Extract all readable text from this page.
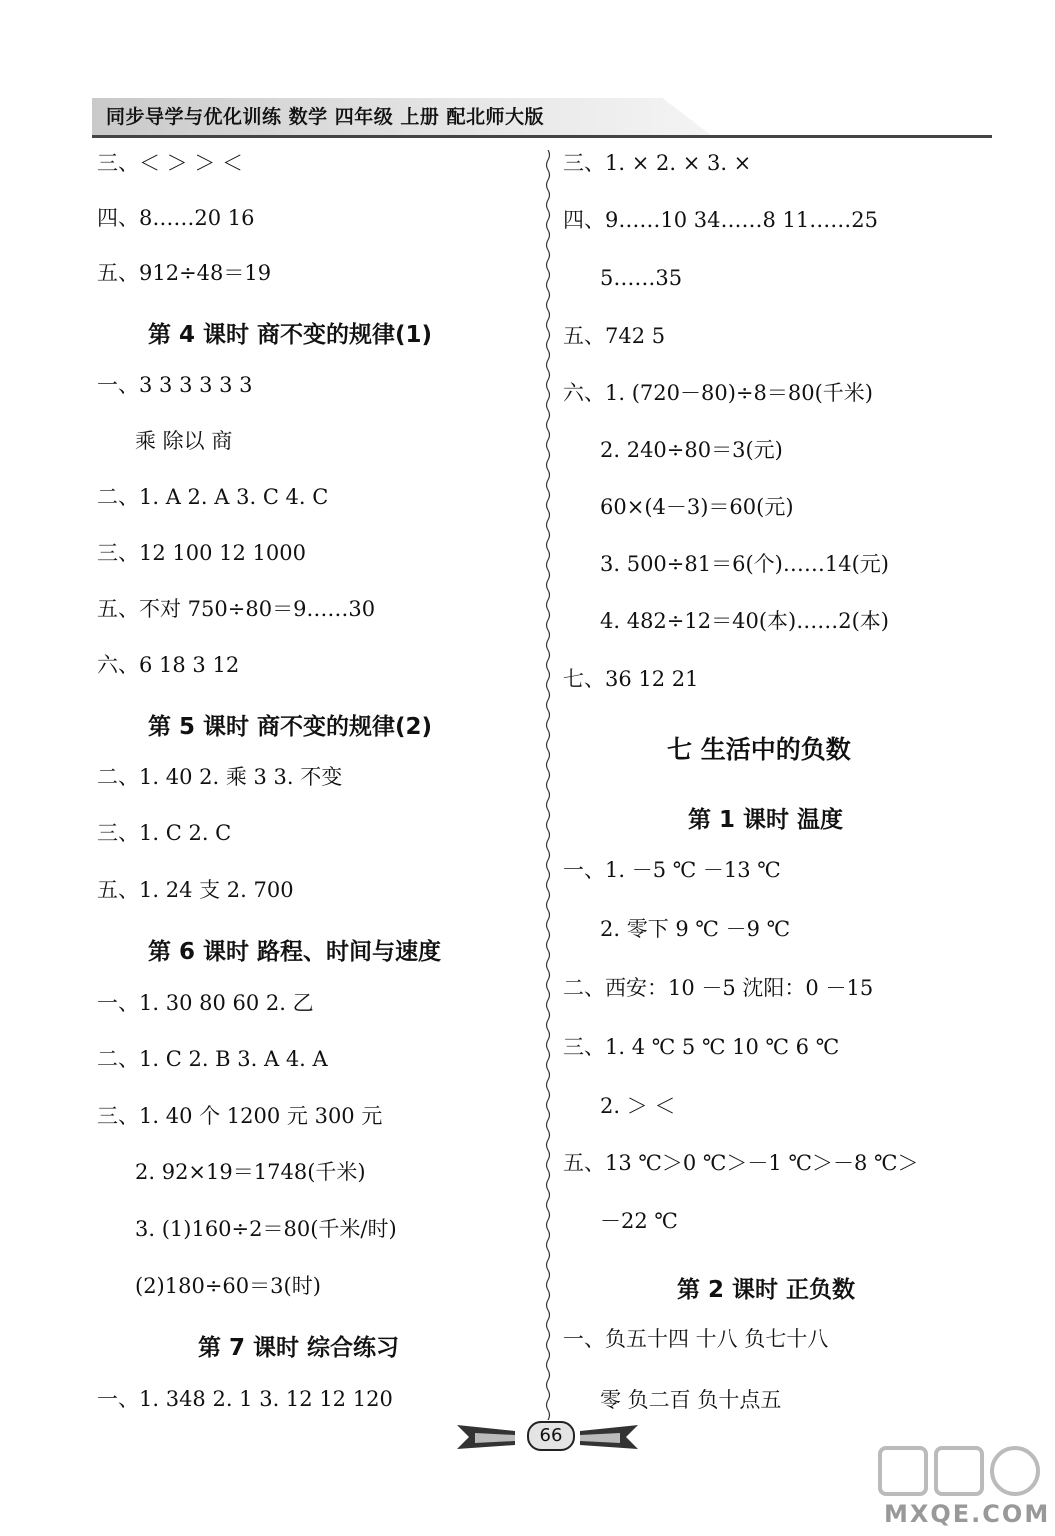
同步导学与优化训练 数学 四年级 上册 配北师大版
三、＜ ＞ ＞ ＜
四、8……20 16
五、912÷48＝19
第 4 课时 商不变的规律(1)
一、3 3 3 3 3 3
乘 除以 商
二、1. A 2. A 3. C 4. C
三、12 100 12 1000
五、不对 750÷80＝9……30
六、6 18 3 12
第 5 课时 商不变的规律(2)
二、1. 40 2. 乘 3 3. 不变
三、1. C 2. C
五、1. 24 支 2. 700
第 6 课时 路程、时间与速度
一、1. 30 80 60 2. 乙
二、1. C 2. B 3. A 4. A
三、1. 40 个 1200 元 300 元
2. 92×19＝1748(千米)
3. (1)160÷2＝80(千米/时)
(2)180÷60＝3(时)
第 7 课时 综合练习
一、1. 348 2. 1 3. 12 12 120
三、1. × 2. × 3. ×
四、9……10 34……8 11……25
5……35
五、742 5
六、1. (720－80)÷8＝80(千米)
2. 240÷80＝3(元)
60×(4－3)＝60(元)
3. 500÷81＝6(个)……14(元)
4. 482÷12＝40(本)……2(本)
七、36 12 21
七 生活中的负数
第 1 课时 温度
一、1. －5 ℃ －13 ℃
2. 零下 9 ℃ －9 ℃
二、西安：10 －5 沈阳：0 －15
三、1. 4 ℃ 5 ℃ 10 ℃ 6 ℃
2. ＞ ＜
五、13 ℃＞0 ℃＞－1 ℃＞－8 ℃＞
－22 ℃
第 2 课时 正负数
一、负五十四 十八 负七十八
零 负二百 负十点五
66
MXQE.COM
